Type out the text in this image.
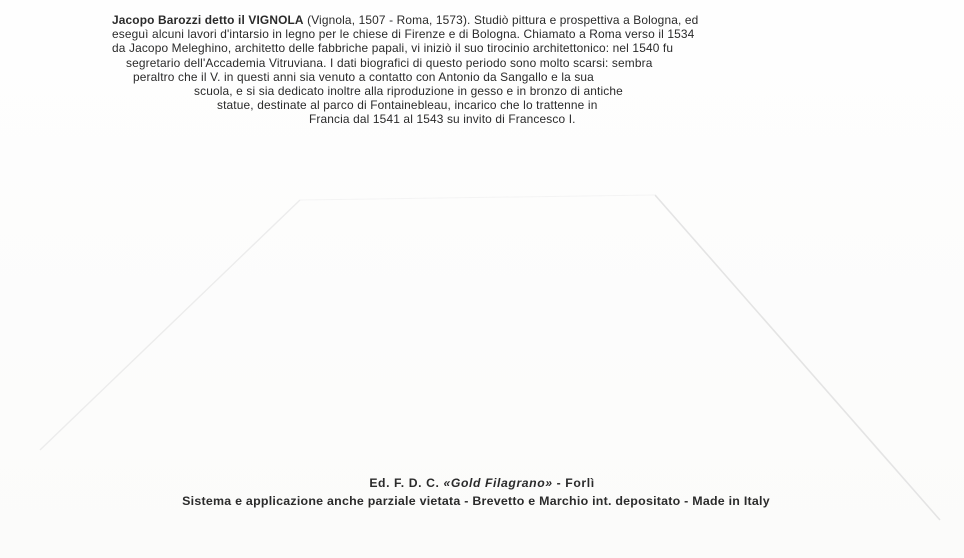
Jacopo Barozzi detto il VIGNOLA (Vignola, 1507 - Roma, 1573). Studiò pittura e prospettiva a Bologna, ed
eseguì alcuni lavori d'intarsio in legno per le chiese di Firenze e di Bologna. Chiamato a Roma verso il 1534
da Jacopo Meleghino, architetto delle fabbriche papali, vi iniziò il suo tirocinio architettonico: nel 1540 fu
segretario dell'Accademia Vitruviana. I dati biografici di questo periodo sono molto scarsi: sembra
peraltro che il V. in questi anni sia venuto a contatto con Antonio da Sangallo e la sua
scuola, e si sia dedicato inoltre alla riproduzione in gesso e in bronzo di antiche
statue, destinate al parco di Fontainebleau, incarico che lo trattenne in
Francia dal 1541 al 1543 su invito di Francesco I.
Ed. F. D. C. «Gold Filagrano» - Forlì
Sistema e applicazione anche parziale vietata - Brevetto e Marchio int. depositato - Made in Italy
